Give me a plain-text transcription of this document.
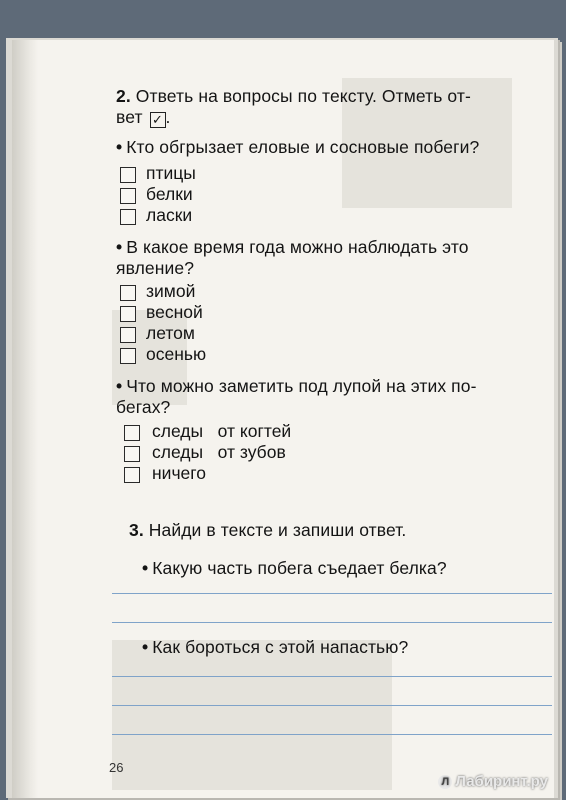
2. Ответь на вопросы по тексту. Отметь от-
вет ✓ .
• Кто обгрызает еловые и сосновые побеги?
птицы
белки
ласки
• В какое время года можно наблюдать это
явление?
зимой
весной
летом
осенью
• Что можно заметить под лупой на этих по-
бегах?
следы   от когтей
следы   от зубов
ничего
3. Найди в тексте и запиши ответ.
• Какую часть побега съедает белка?
• Как бороться с этой напастью?
26
Л Лабиринт.ру
